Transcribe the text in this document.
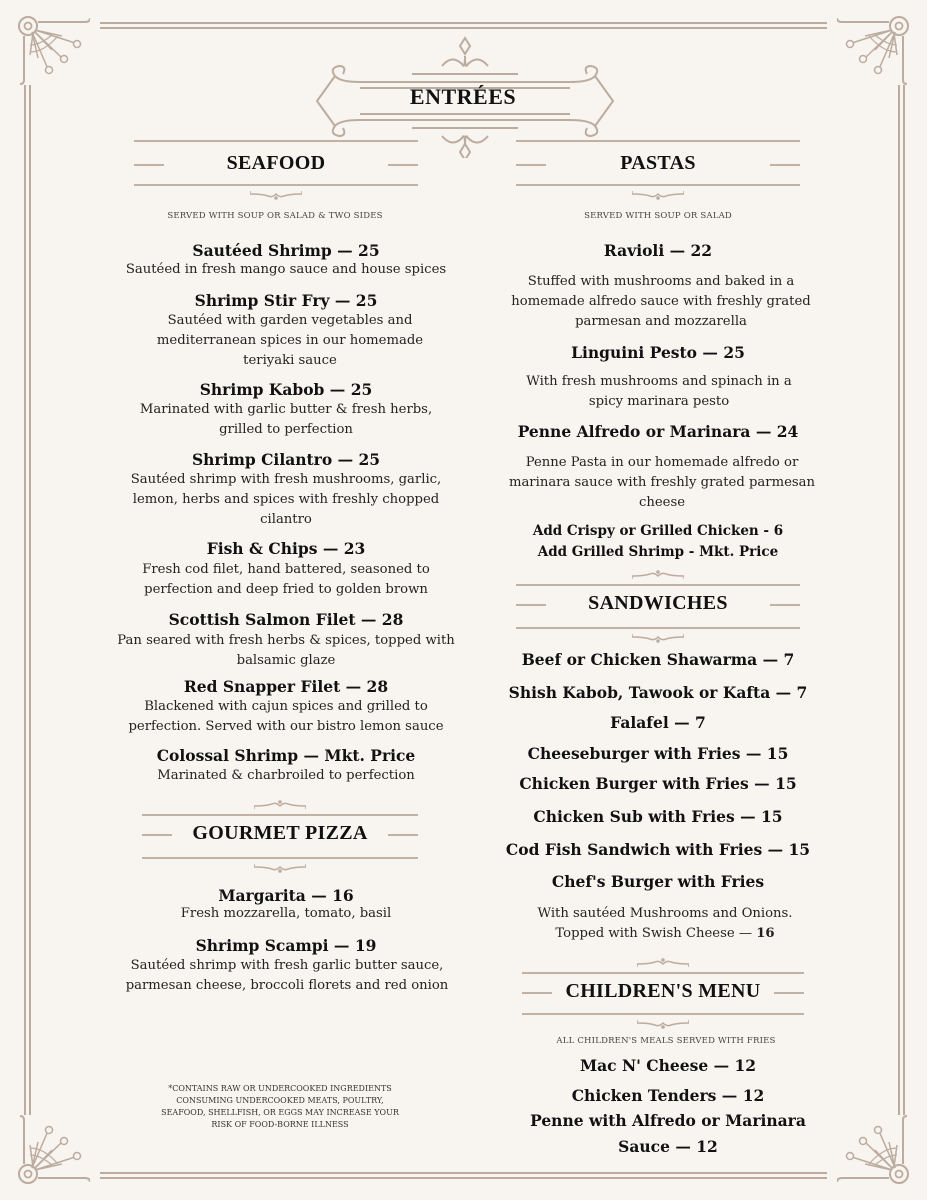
ENTRÉES
SEAFOOD
SERVED WITH SOUP OR SALAD & TWO SIDES
Sautéed Shrimp — 25
Sautéed in fresh mango sauce and house spices
Shrimp Stir Fry — 25
Sautéed with garden vegetables and mediterranean spices in our homemade teriyaki sauce
Shrimp Kabob — 25
Marinated with garlic butter & fresh herbs, grilled to perfection
Shrimp Cilantro — 25
Sautéed shrimp with fresh mushrooms, garlic, lemon, herbs and spices with freshly chopped cilantro
Fish & Chips — 23
Fresh cod filet, hand battered, seasoned to perfection and deep fried to golden brown
Scottish Salmon Filet — 28
Pan seared with fresh herbs & spices, topped with balsamic glaze
Red Snapper Filet — 28
Blackened with cajun spices and grilled to perfection. Served with our bistro lemon sauce
Colossal Shrimp — Mkt. Price
Marinated & charbroiled to perfection
GOURMET PIZZA
Margarita — 16
Fresh mozzarella, tomato, basil
Shrimp Scampi — 19
Sautéed shrimp with fresh garlic butter sauce, parmesan cheese, broccoli florets and red onion
*CONTAINS RAW OR UNDERCOOKED INGREDIENTS
CONSUMING UNDERCOOKED MEATS, POULTRY,
SEAFOOD, SHELLFISH, OR EGGS MAY INCREASE YOUR
RISK OF FOOD-BORNE ILLNESS
PASTAS
SERVED WITH SOUP OR SALAD
Ravioli — 22
Stuffed with mushrooms and baked in a homemade alfredo sauce with freshly grated parmesan and mozzarella
Linguini Pesto — 25
With fresh mushrooms and spinach in a spicy marinara pesto
Penne Alfredo or Marinara — 24
Penne Pasta in our homemade alfredo or marinara sauce with freshly grated parmesan cheese
Add Crispy or Grilled Chicken - 6
Add Grilled Shrimp - Mkt. Price
SANDWICHES
Beef or Chicken Shawarma — 7
Shish Kabob, Tawook or Kafta — 7
Falafel — 7
Cheeseburger with Fries — 15
Chicken Burger with Fries — 15
Chicken Sub with Fries — 15
Cod Fish Sandwich with Fries — 15
Chef's Burger with Fries
With sautéed Mushrooms and Onions.
Topped with Swish Cheese — 16
CHILDREN'S MENU
ALL CHILDREN'S MEALS SERVED WITH FRIES
Mac N' Cheese — 12
Chicken Tenders — 12
Penne with Alfredo or Marinara
Sauce — 12
